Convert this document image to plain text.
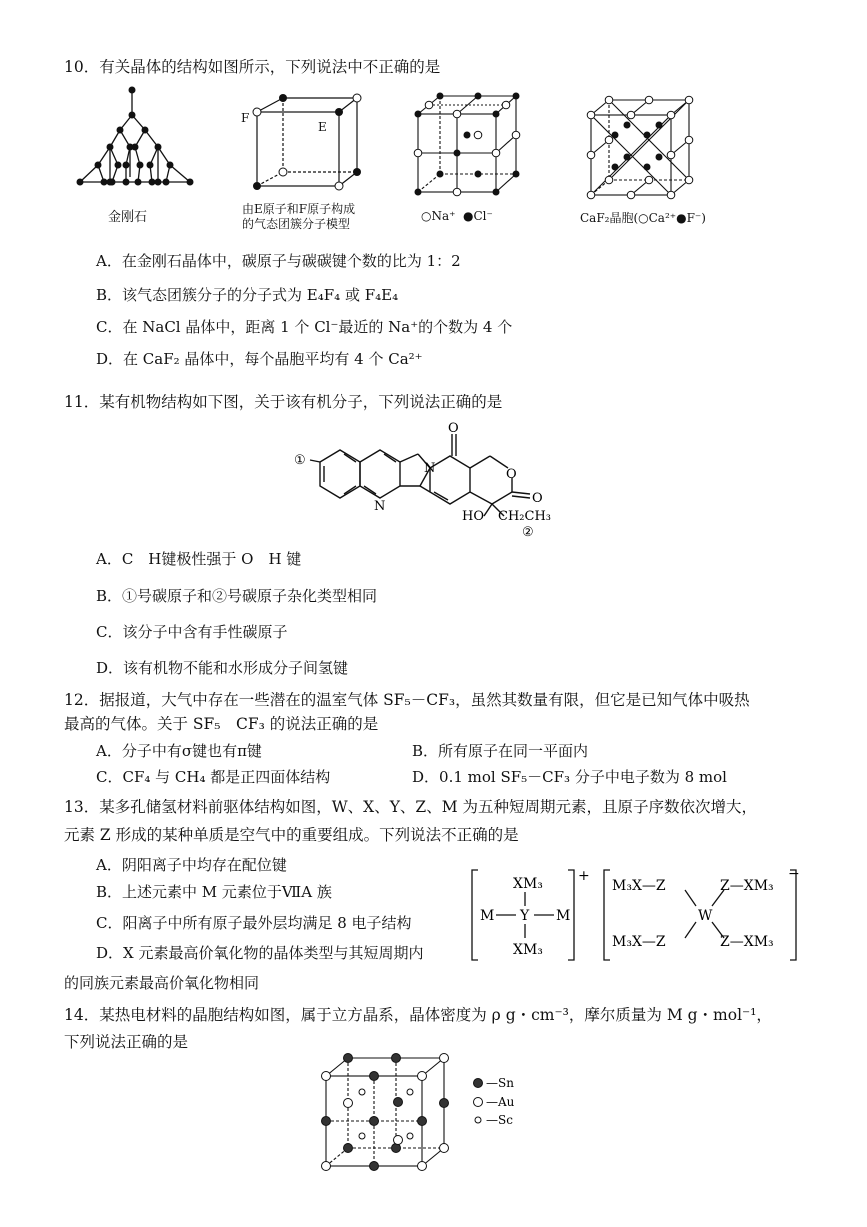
10．有关晶体的结构如图所示，下列说法中不正确的是
金刚石
F
E
由E原子和F原子构成
的气态团簇分子模型
○Na⁺ ●Cl⁻	CaF₂晶胞(○Ca²⁺●F⁻)
A．在金刚石晶体中，碳原子与碳碳键个数的比为 1：2
B．该气态团簇分子的分子式为 E₄F₄ 或 F₄E₄
C．在 NaCl 晶体中，距离 1 个 Cl⁻最近的 Na⁺的个数为 4 个
D．在 CaF₂ 晶体中，每个晶胞平均有 4 个 Ca²⁺
11．某有机物结构如下图，关于该有机分子，下列说法正确的是
①
N
N
O
O
O
HO CH₂CH₃
②
A．C　H键极性强于 O　H 键
B．①号碳原子和②号碳原子杂化类型相同
C．该分子中含有手性碳原子
D．该有机物不能和水形成分子间氢键
12．据报道，大气中存在一些潜在的温室气体 SF₅－CF₃，虽然其数量有限，但它是已知气体中吸热
最高的气体。关于 SF₅　CF₃ 的说法正确的是
A．分子中有σ键也有π键	B．所有原子在同一平面内
C．CF₄ 与 CH₄ 都是正四面体结构	D．0.1 mol SF₅－CF₃ 分子中电子数为 8 mol
13．某多孔储氢材料前驱体结构如图，W、X、Y、Z、M 为五种短周期元素，且原子序数依次增大，
元素 Z 形成的某种单质是空气中的重要组成。下列说法不正确的是
A．阴阳离子中均存在配位键
B．上述元素中 M 元素位于ⅦA 族
C．阳离子中所有原子最外层均满足 8 电子结构
D．X 元素最高价氧化物的晶体类型与其短周期内
的同族元素最高价氧化物相同
XM₃
M Y M
XM₃
+
M₃X—Z	Z—XM₃
W
M₃X—Z	Z—XM₃
−
14．某热电材料的晶胞结构如图，属于立方晶系，晶体密度为 ρ g・cm⁻³，摩尔质量为 M g・mol⁻¹，
下列说法正确的是
—Sn
—Au
—Sc
